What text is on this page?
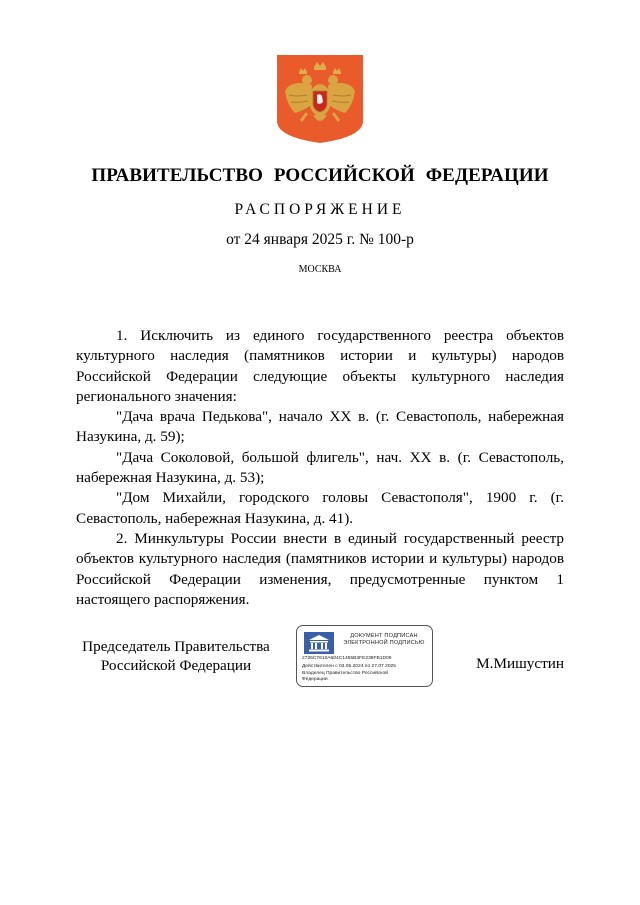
ПРАВИТЕЛЬСТВО РОССИЙСКОЙ ФЕДЕРАЦИИ
РАСПОРЯЖЕНИЕ
от 24 января 2025 г. № 100-р
МОСКВА

1. Исключить из единого государственного реестра объектов культурного наследия (памятников истории и культуры) народов Российской Федерации следующие объекты культурного наследия регионального значения:

"Дача врача Педькова", начало XX в. (г. Севастополь, набережная Назукина, д. 59);

"Дача Соколовой, большой флигель", нач. XX в. (г. Севастополь, набережная Назукина, д. 53);

"Дом Михайли, городского головы Севастополя", 1900 г. (г. Севастополь, набережная Назукина, д. 41).

2. Минкультуры России внести в единый государственный реестр объектов культурного наследия (памятников истории и культуры) народов Российской Федерации изменения, предусмотренные пунктом 1 настоящего распоряжения.

Председатель Правительства
Российской Федерации
ДОКУМЕНТ ПОДПИСАН
ЭЛЕКТРОННОЙ ПОДПИСЬЮ
2726C7610A604C1455B3FE238FB1D09
Действителен с 03.05.2024 по 27.07.2025
Владелец Правительство Российской
Федерации
М.Мишустин
